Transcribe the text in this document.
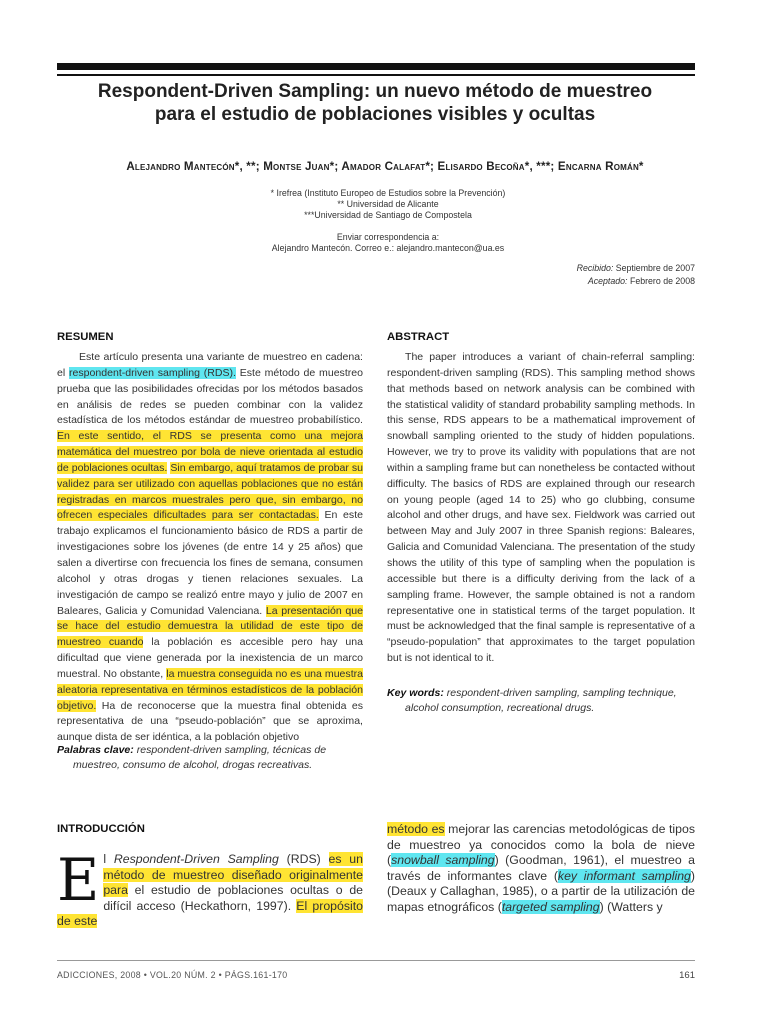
Respondent-Driven Sampling: un nuevo método de muestreo
para el estudio de poblaciones visibles y ocultas
Alejandro Mantecón*, **; Montse Juan*; Amador Calafat*; Elisardo Becoña*, ***; Encarna Román*
* Irefrea (Instituto Europeo de Estudios sobre la Prevención)
** Universidad de Alicante
***Universidad de Santiago de Compostela
Enviar correspondencia a:
Alejandro Mantecón. Correo e.: alejandro.mantecon@ua.es
Recibido: Septiembre de 2007
Aceptado: Febrero de 2008
RESUMEN
Este artículo presenta una variante de muestreo en cadena: el respondent-driven sampling (RDS). Este método de muestreo prueba que las posibilidades ofrecidas por los métodos basados en análisis de redes se pueden combinar con la validez estadística de los métodos estándar de muestreo probabilístico. En este sentido, el RDS se presenta como una mejora matemática del muestreo por bola de nieve orientada al estudio de poblaciones ocultas. Sin embargo, aquí tratamos de probar su validez para ser utilizado con aquellas poblaciones que no están registradas en marcos muestrales pero que, sin embargo, no ofrecen especiales dificultades para ser contactadas. En este trabajo explicamos el funcionamiento básico de RDS a partir de investigaciones sobre los jóvenes (de entre 14 y 25 años) que salen a divertirse con frecuencia los fines de semana, consumen alcohol y otras drogas y tienen relaciones sexuales. La investigación de campo se realizó entre mayo y julio de 2007 en Baleares, Galicia y Comunidad Valenciana. La presentación que se hace del estudio demuestra la utilidad de este tipo de muestreo cuando la población es accesible pero hay una dificultad que viene generada por la inexistencia de un marco muestral. No obstante, la muestra conseguida no es una muestra aleatoria representativa en términos estadísticos de la población objetivo. Ha de reconocerse que la muestra final obtenida es representativa de una “pseudo-población” que se aproxima, aunque dista de ser idéntica, a la población objetivo
Palabras clave: respondent-driven sampling, técnicas de muestreo, consumo de alcohol, drogas recreativas.
ABSTRACT
The paper introduces a variant of chain-referral sampling: respondent-driven sampling (RDS). This sampling method shows that methods based on network analysis can be combined with the statistical validity of standard probability sampling methods. In this sense, RDS appears to be a mathematical improvement of snowball sampling oriented to the study of hidden populations. However, we try to prove its validity with populations that are not within a sampling frame but can nonetheless be contacted without difficulty. The basics of RDS are explained through our research on young people (aged 14 to 25) who go clubbing, consume alcohol and other drugs, and have sex. Fieldwork was carried out between May and July 2007 in three Spanish regions: Baleares, Galicia and Comunidad Valenciana. The presentation of the study shows the utility of this type of sampling when the population is accessible but there is a difficulty deriving from the lack of a sampling frame. However, the sample obtained is not a random representative one in statistical terms of the target population. It must be acknowledged that the final sample is representative of a “pseudo-population” that approximates to the target population but is not identical to it.
Key words: respondent-driven sampling, sampling technique, alcohol consumption, recreational drugs.
INTRODUCCIÓN
El Respondent-Driven Sampling (RDS) es un método de muestreo diseñado originalmente para el estudio de poblaciones ocultas o de difícil acceso (Heckathorn, 1997). El propósito de este
método es mejorar las carencias metodológicas de tipos de muestreo ya conocidos como la bola de nieve (snowball sampling) (Goodman, 1961), el muestreo a través de informantes clave (key informant sampling) (Deaux y Callaghan, 1985), o a partir de la utilización de mapas etnográficos (targeted sampling) (Watters y
ADICCIONES, 2008 • VOL.20 NÚM. 2 • PÁGS.161-170	161
